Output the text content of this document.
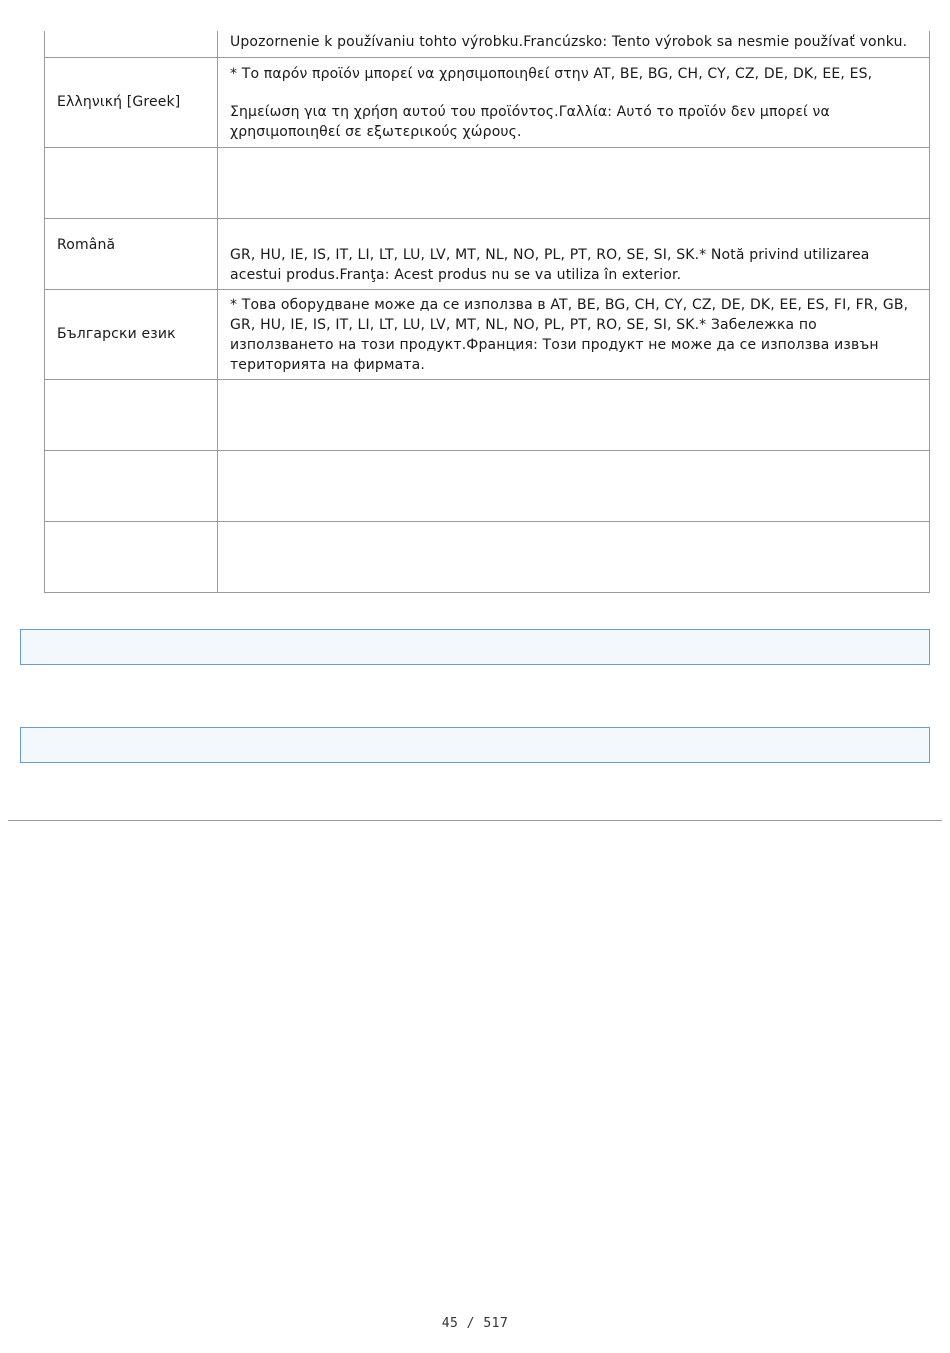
	Upozornenie k používaniu tohto výrobku.Francúzsko: Tento výrobok sa nesmie používať vonku.

Ελληνική [Greek]	* Το παρόν προϊόν μπορεί να χρησιμοποιηθεί στην AT, BE, BG, CH, CY, CZ, DE, DK, EE, ES,
Σημείωση για τη χρήση αυτού του προϊόντος.Γαλλία: Αυτό το προϊόν δεν μπορεί να χρησιμοποιηθεί σε εξωτερικούς χώρους.

Română	GR, HU, IE, IS, IT, LI, LT, LU, LV, MT, NL, NO, PL, PT, RO, SE, SI, SK.* Notă privind utilizarea acestui produs.Franţa: Acest produs nu se va utiliza în exterior.

Български език	* Това оборудване може да се използва в AT, BE, BG, CH, CY, CZ, DE, DK, EE, ES, FI, FR, GB, GR, HU, IE, IS, IT, LI, LT, LU, LV, MT, NL, NO, PL, PT, RO, SE, SI, SK.* Забележка по използването на този продукт.Франция: Този продукт не може да се използва извън територията на фирмата.

45 / 517
